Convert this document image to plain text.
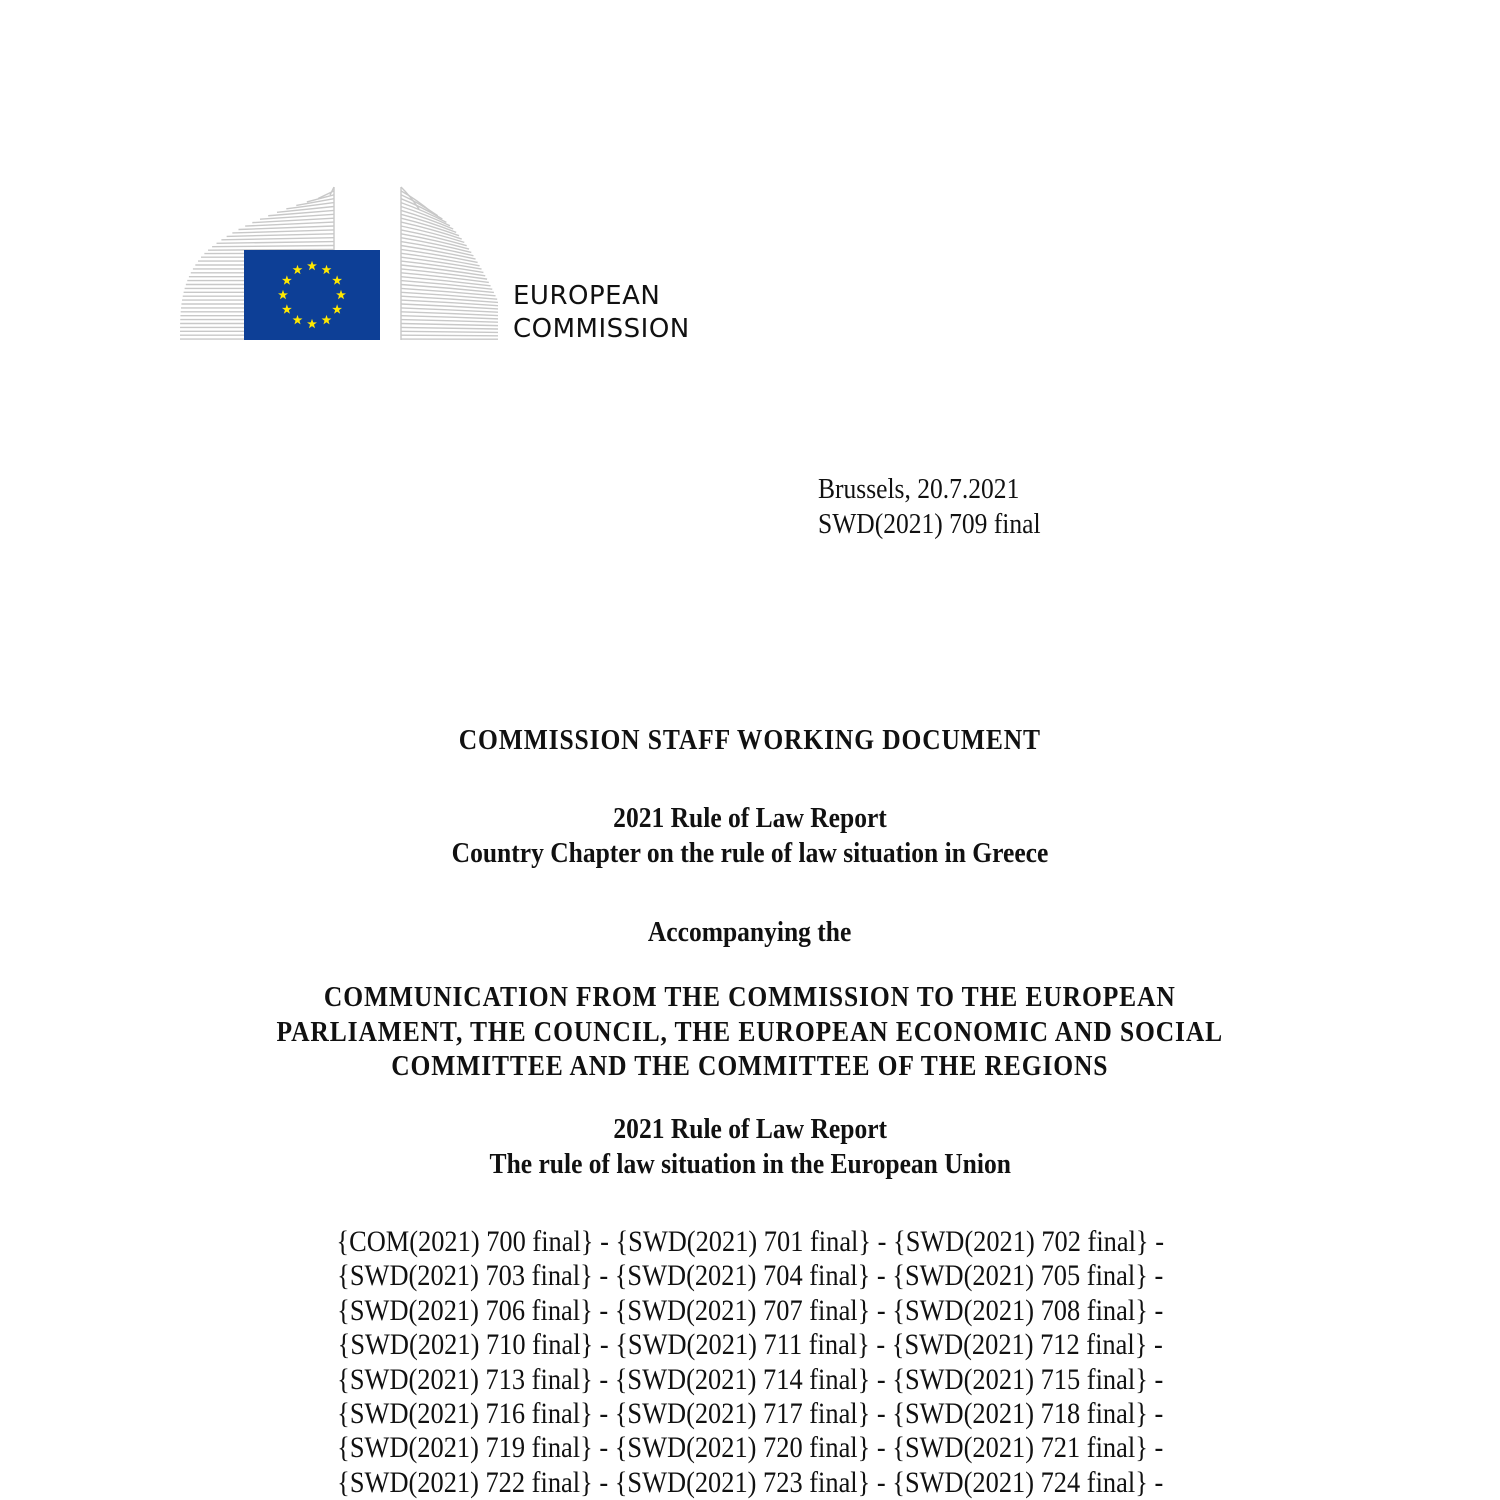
EUROPEAN
COMMISSION
Brussels, 20.7.2021
SWD(2021) 709 final
COMMISSION STAFF WORKING DOCUMENT
2021 Rule of Law Report
Country Chapter on the rule of law situation in Greece
Accompanying the
COMMUNICATION FROM THE COMMISSION TO THE EUROPEAN
PARLIAMENT, THE COUNCIL, THE EUROPEAN ECONOMIC AND SOCIAL
COMMITTEE AND THE COMMITTEE OF THE REGIONS
2021 Rule of Law Report
The rule of law situation in the European Union
{COM(2021) 700 final} - {SWD(2021) 701 final} - {SWD(2021) 702 final} -
{SWD(2021) 703 final} - {SWD(2021) 704 final} - {SWD(2021) 705 final} -
{SWD(2021) 706 final} - {SWD(2021) 707 final} - {SWD(2021) 708 final} -
{SWD(2021) 710 final} - {SWD(2021) 711 final} - {SWD(2021) 712 final} -
{SWD(2021) 713 final} - {SWD(2021) 714 final} - {SWD(2021) 715 final} -
{SWD(2021) 716 final} - {SWD(2021) 717 final} - {SWD(2021) 718 final} -
{SWD(2021) 719 final} - {SWD(2021) 720 final} - {SWD(2021) 721 final} -
{SWD(2021) 722 final} - {SWD(2021) 723 final} - {SWD(2021) 724 final} -
